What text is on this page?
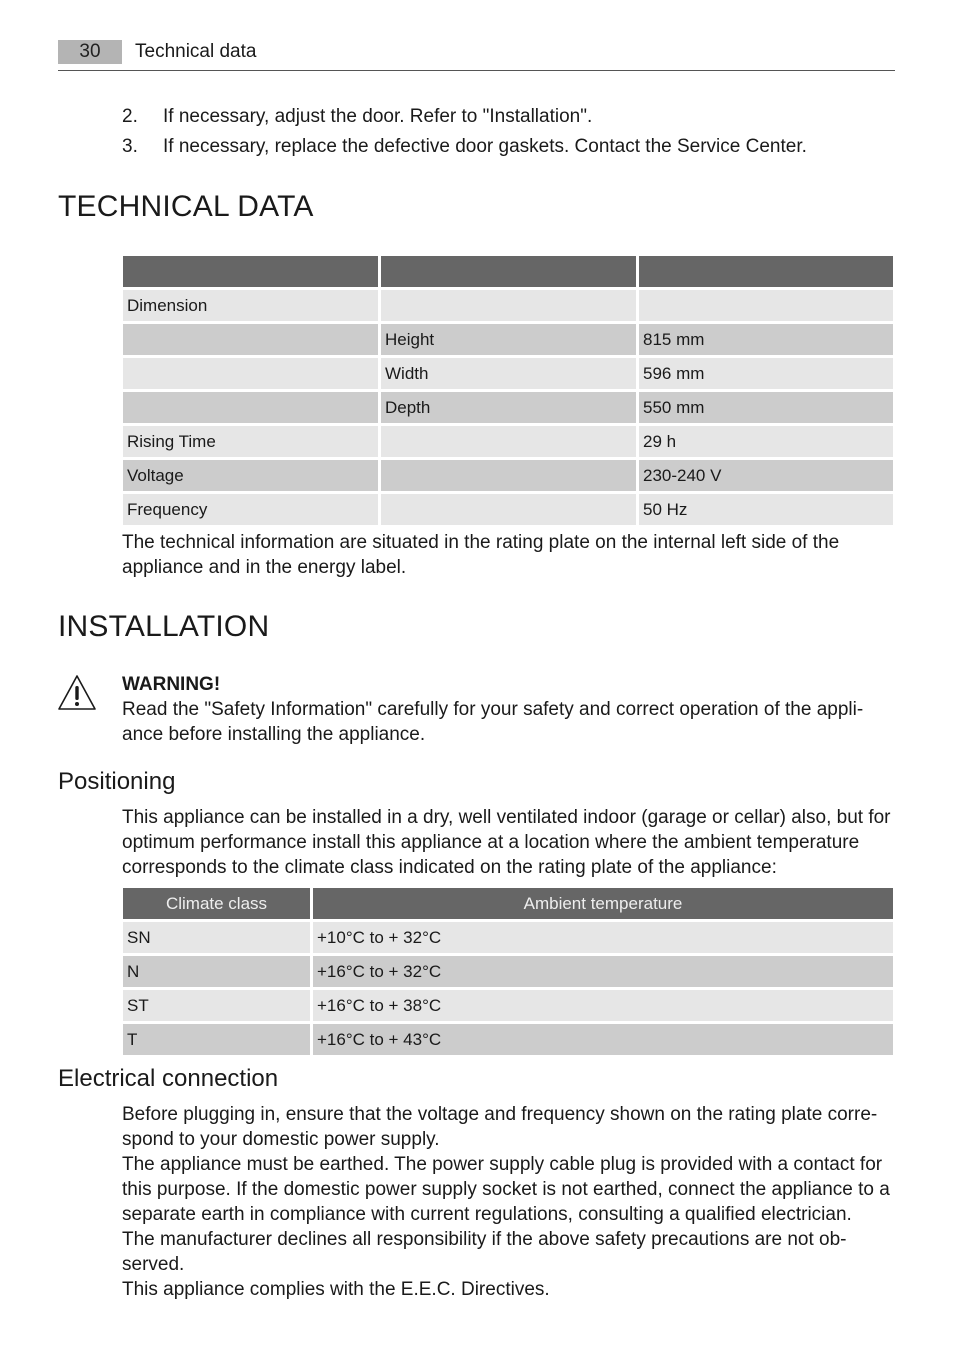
30	Technical data
2.	If necessary, adjust the door. Refer to "Installation".
3.	If necessary, replace the defective door gaskets. Contact the Service Center.
TECHNICAL DATA

Dimension		
	Height	815 mm
	Width	596 mm
	Depth	550 mm
Rising Time		29 h
Voltage		230-240 V
Frequency		50 Hz

The technical information are situated in the rating plate on the internal left side of the appliance and in the energy label.

INSTALLATION
WARNING!
Read the "Safety Information" carefully for your safety and correct operation of the appli-ance before installing the appliance.
Positioning

This appliance can be installed in a dry, well ventilated indoor (garage or cellar) also, but for optimum performance install this appliance at a location where the ambient temperature corresponds to the climate class indicated on the rating plate of the appliance:

Climate class	Ambient temperature
SN	+10°C to + 32°C
N	+16°C to + 32°C
ST	+16°C to + 38°C
T	+16°C to + 43°C
Electrical connection
Before plugging in, ensure that the voltage and frequency shown on the rating plate corre-spond to your domestic power supply.
The appliance must be earthed. The power supply cable plug is provided with a contact for this purpose. If the domestic power supply socket is not earthed, connect the appliance to a separate earth in compliance with current regulations, consulting a qualified electrician.
The manufacturer declines all responsibility if the above safety precautions are not ob-served.
This appliance complies with the E.E.C. Directives.
